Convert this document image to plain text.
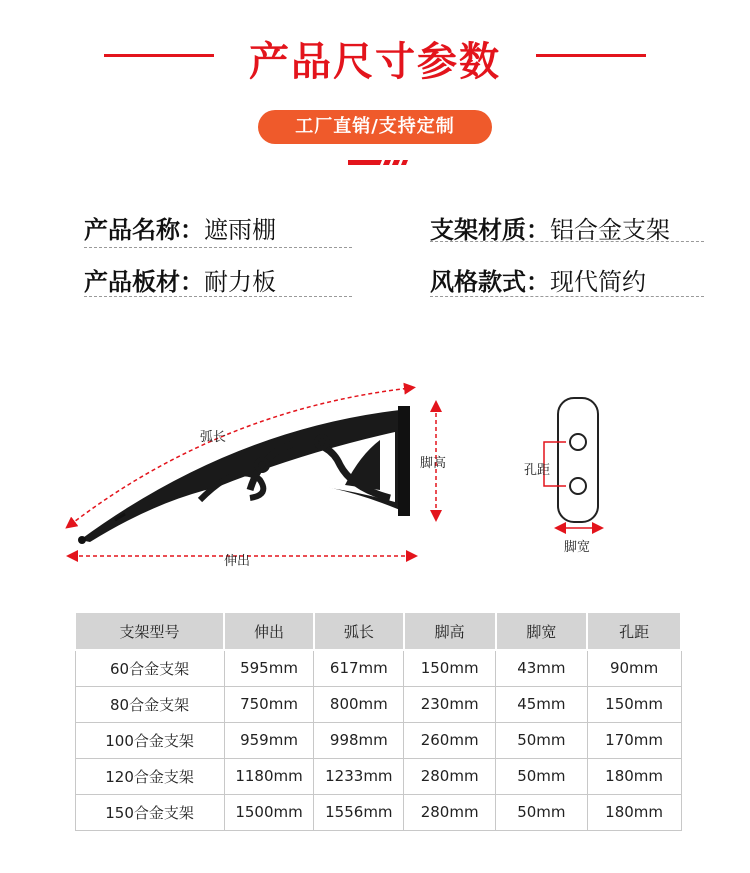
产品尺寸参数
工厂直销/支持定制
产品名称：遮雨棚	支架材质：铝合金支架
产品板材：耐力板	风格款式：现代简约
弧长
脚高
伸出
孔距
脚宽
支架型号	伸出	弧长	脚高	脚宽	孔距
60合金支架	595mm	617mm	150mm	43mm	90mm
80合金支架	750mm	800mm	230mm	45mm	150mm
100合金支架	959mm	998mm	260mm	50mm	170mm
120合金支架	1180mm	1233mm	280mm	50mm	180mm
150合金支架	1500mm	1556mm	280mm	50mm	180mm
